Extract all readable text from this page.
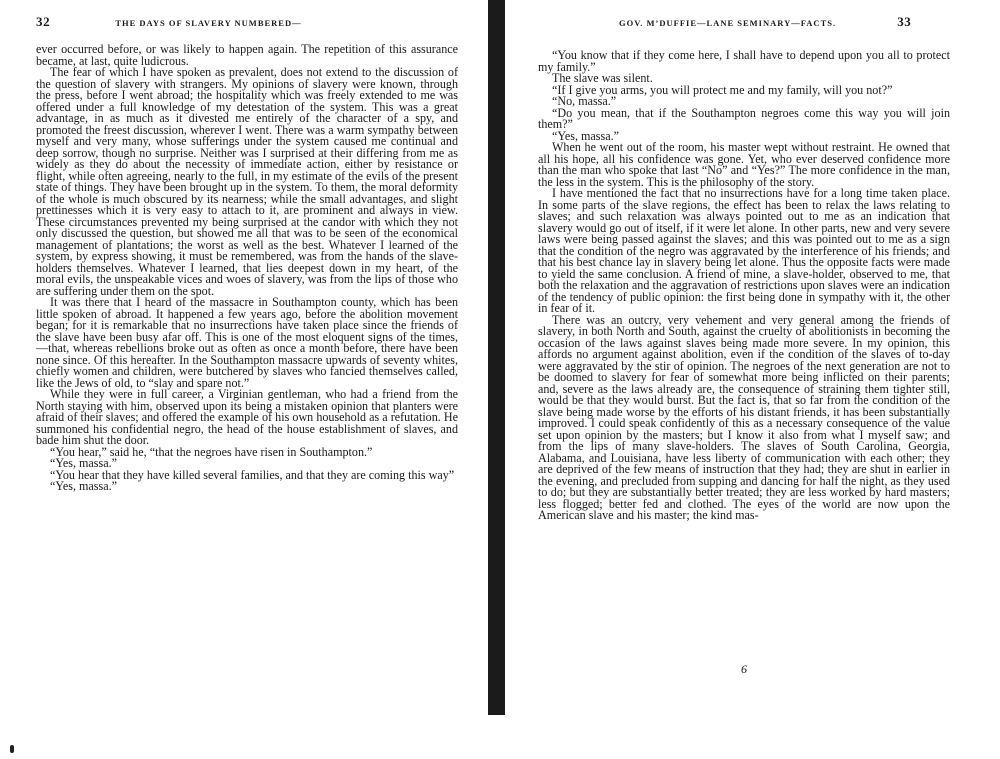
32	THE DAYS OF SLAVERY NUMBERED—

ever occurred before, or was likely to happen again. The repetition of this assurance became, at last, quite ludicrous.

The fear of which I have spoken as prevalent, does not extend to the discussion of the question of slavery with strangers. My opinions of slavery were known, through the press, before I went abroad; the hospitality which was freely extended to me was offered under a full knowledge of my detestation of the system. This was a great advantage, in as much as it divested me entirely of the character of a spy, and promoted the freest discussion, wherever I went. There was a warm sympathy between myself and very many, whose sufferings under the system caused me continual and deep sorrow, though no surprise. Neither was I surprised at their differing from me as widely as they do about the necessity of immediate action, either by resistance or flight, while often agreeing, nearly to the full, in my estimate of the evils of the present state of things. They have been brought up in the system. To them, the moral deformity of the whole is much obscured by its nearness; while the small advantages, and slight prettinesses which it is very easy to attach to it, are prominent and always in view. These circumstances prevented my being surprised at the candor with which they not only discussed the question, but showed me all that was to be seen of the economical management of plantations; the worst as well as the best. Whatever I learned of the system, by express showing, it must be remembered, was from the hands of the slave-holders themselves. Whatever I learned, that lies deepest down in my heart, of the moral evils, the unspeakable vices and woes of slavery, was from the lips of those who are suffering under them on the spot.

It was there that I heard of the massacre in Southampton county, which has been little spoken of abroad. It happened a few years ago, before the abolition movement began; for it is remarkable that no insurrections have taken place since the friends of the slave have been busy afar off. This is one of the most eloquent signs of the times,—that, whereas rebellions broke out as often as once a month before, there have been none since. Of this hereafter. In the Southampton massacre upwards of seventy whites, chiefly women and children, were butchered by slaves who fancied themselves called, like the Jews of old, to “slay and spare not.”

While they were in full career, a Virginian gentleman, who had a friend from the North staying with him, observed upon its being a mistaken opinion that planters were afraid of their slaves; and offered the example of his own household as a refutation. He summoned his confidential negro, the head of the house establishment of slaves, and bade him shut the door.

“You hear,” said he, “that the negroes have risen in Southampton.”

“Yes, massa.”

“You hear that they have killed several families, and that they are coming this way”

“Yes, massa.”

GOV. M’DUFFIE—LANE SEMINARY—FACTS.	33

“You know that if they come here, I shall have to depend upon you all to protect my family.”

The slave was silent.

“If I give you arms, you will protect me and my family, will you not?”

“No, massa.”

“Do you mean, that if the Southampton negroes come this way you will join them?”

“Yes, massa.”

When he went out of the room, his master wept without restraint. He owned that all his hope, all his confidence was gone. Yet, who ever deserved confidence more than the man who spoke that last “No” and “Yes?” The more confidence in the man, the less in the system. This is the philosophy of the story.

I have mentioned the fact that no insurrections have for a long time taken place. In some parts of the slave regions, the effect has been to relax the laws relating to slaves; and such relaxation was always pointed out to me as an indication that slavery would go out of itself, if it were let alone. In other parts, new and very severe laws were being passed against the slaves; and this was pointed out to me as a sign that the condition of the negro was aggravated by the interference of his friends; and that his best chance lay in slavery being let alone. Thus the opposite facts were made to yield the same conclusion. A friend of mine, a slave-holder, observed to me, that both the relaxation and the aggravation of restrictions upon slaves were an indication of the tendency of public opinion: the first being done in sympathy with it, the other in fear of it.

There was an outcry, very vehement and very general among the friends of slavery, in both North and South, against the cruelty of abolitionists in becoming the occasion of the laws against slaves being made more severe. In my opinion, this affords no argument against abolition, even if the condition of the slaves of to-day were aggravated by the stir of opinion. The negroes of the next generation are not to be doomed to slavery for fear of somewhat more being inflicted on their parents; and, severe as the laws already are, the consequence of straining them tighter still, would be that they would burst. But the fact is, that so far from the condition of the slave being made worse by the efforts of his distant friends, it has been substantially improved. I could speak confidently of this as a necessary consequence of the value set upon opinion by the masters; but I know it also from what I myself saw; and from the lips of many slave-holders. The slaves of South Carolina, Georgia, Alabama, and Louisiana, have less liberty of communication with each other; they are deprived of the few means of instruction that they had; they are shut in earlier in the evening, and precluded from supping and dancing for half the night, as they used to do; but they are substantially better treated; they are less worked by hard masters; less flogged; better fed and clothed. The eyes of the world are now upon the American slave and his master; the kind mas-

6
